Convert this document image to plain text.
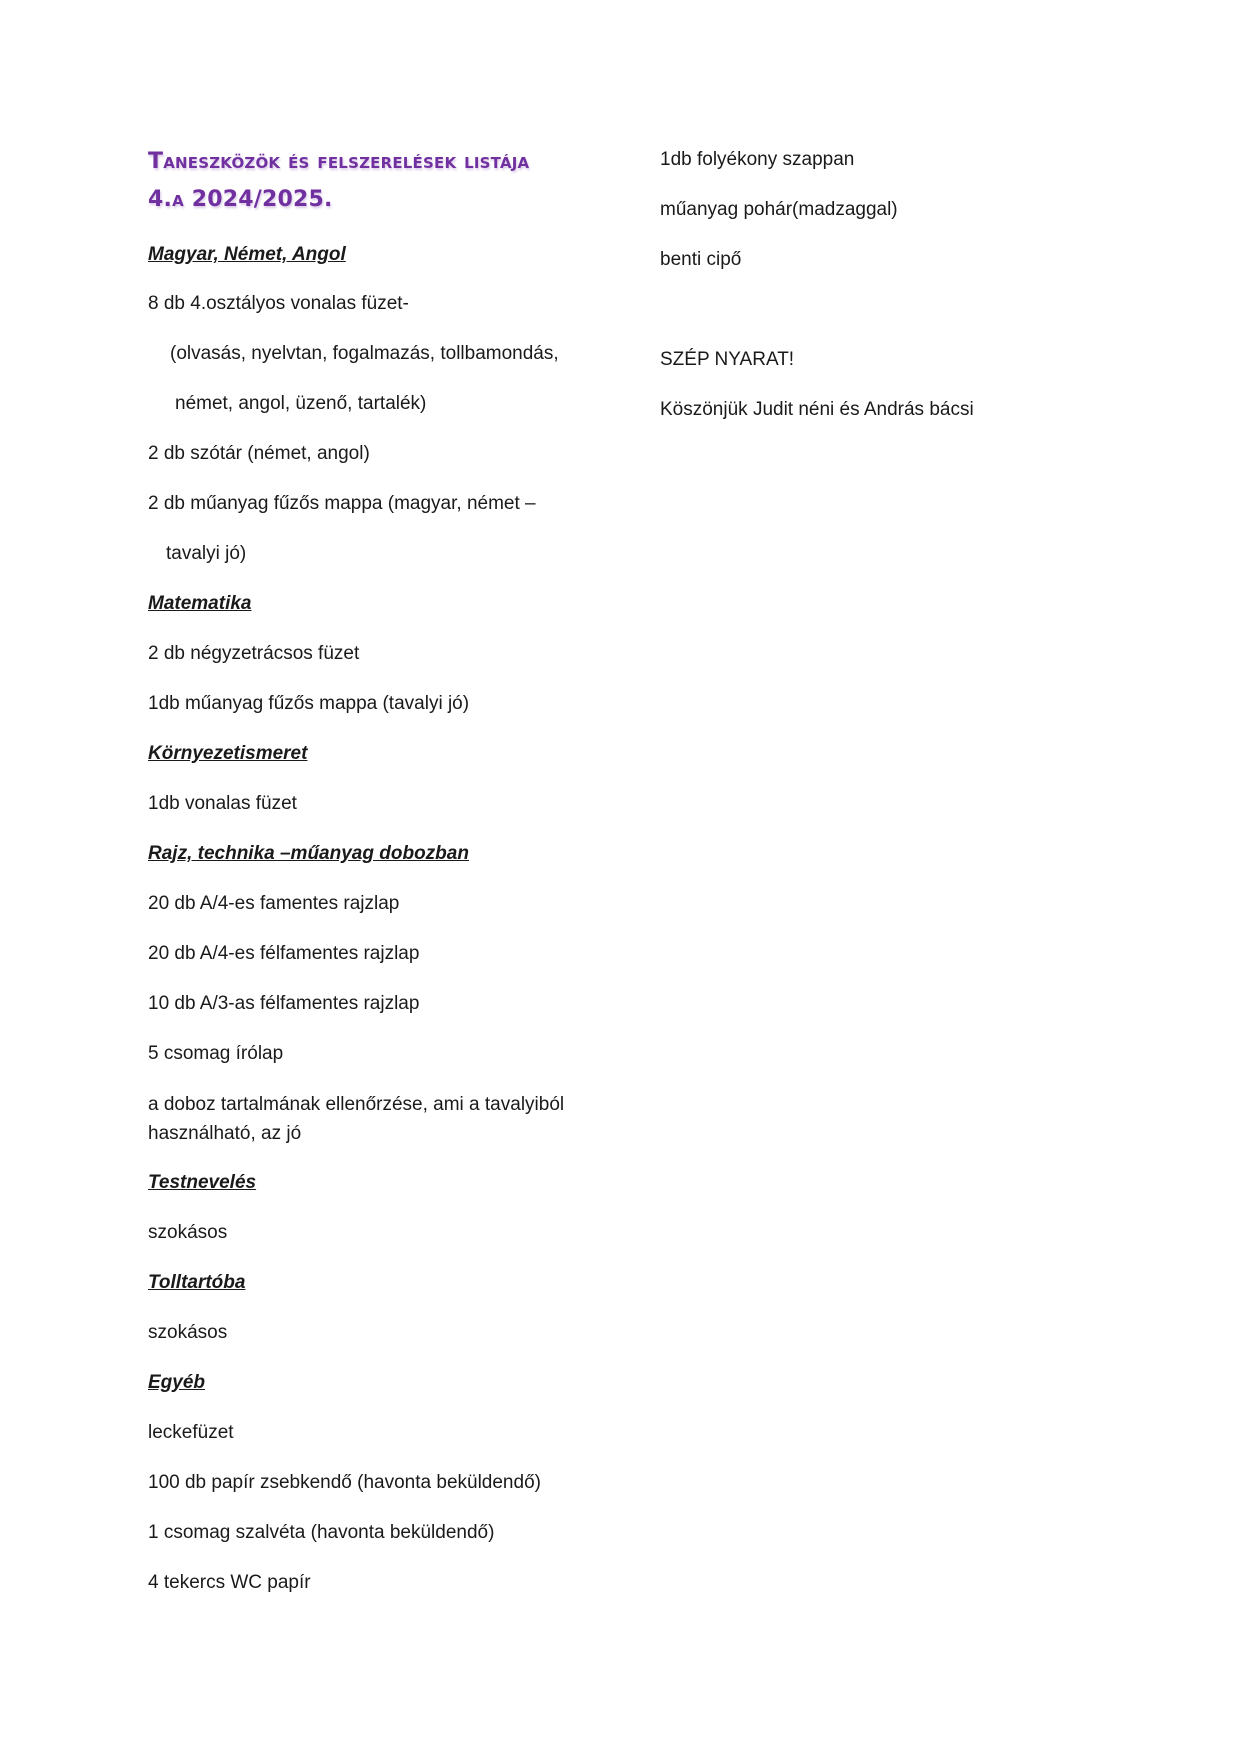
Taneszközök és felszerelések listája
4.a 2024/2025.
Magyar, Német, Angol
8 db 4.osztályos vonalas füzet-
(olvasás, nyelvtan, fogalmazás, tollbamondás,
német, angol, üzenő, tartalék)
2 db szótár (német, angol)
2 db műanyag fűzős mappa (magyar, német –
tavalyi jó)
Matematika
2 db négyzetrácsos füzet
1db műanyag fűzős mappa (tavalyi jó)
Környezetismeret
1db vonalas füzet
Rajz, technika –műanyag dobozban
20 db A/4-es famentes rajzlap
20 db A/4-es félfamentes rajzlap
10 db A/3-as félfamentes rajzlap
5 csomag írólap
a doboz tartalmának ellenőrzése, ami a tavalyiból használható, az jó
Testnevelés
szokásos
Tolltartóba
szokásos
Egyéb
leckefüzet
100 db papír zsebkendő (havonta beküldendő)
1 csomag szalvéta (havonta beküldendő)
4 tekercs WC papír
1db folyékony szappan
műanyag pohár(madzaggal)
benti cipő
SZÉP NYARAT!
Köszönjük Judit néni és András bácsi
